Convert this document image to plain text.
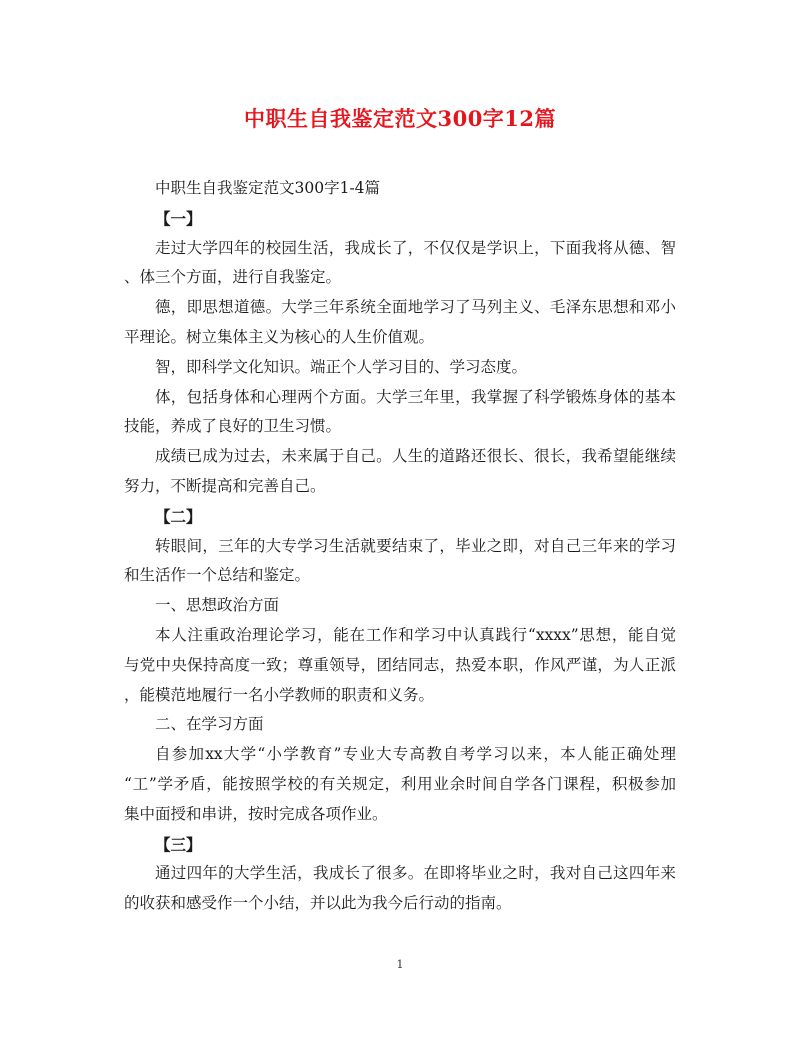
中职生自我鉴定范文300字12篇
中职生自我鉴定范文300字1-4篇
【一】
走过大学四年的校园生活，我成长了，不仅仅是学识上，下面我将从德、智
、体三个方面，进行自我鉴定。
德，即思想道德。大学三年系统全面地学习了马列主义、毛泽东思想和邓小
平理论。树立集体主义为核心的人生价值观。
智，即科学文化知识。端正个人学习目的、学习态度。
体，包括身体和心理两个方面。大学三年里，我掌握了科学锻炼身体的基本
技能，养成了良好的卫生习惯。
成绩已成为过去，未来属于自己。人生的道路还很长、很长，我希望能继续
努力，不断提高和完善自己。
【二】
转眼间，三年的大专学习生活就要结束了，毕业之即，对自己三年来的学习
和生活作一个总结和鉴定。
一、思想政治方面
本人注重政治理论学习，能在工作和学习中认真践行“xxxx”思想，能自觉
与党中央保持高度一致；尊重领导，团结同志，热爱本职，作风严谨，为人正派
，能模范地履行一名小学教师的职责和义务。
二、在学习方面
自参加xx大学“小学教育”专业大专高教自考学习以来，本人能正确处理
“工”学矛盾，能按照学校的有关规定，利用业余时间自学各门课程，积极参加
集中面授和串讲，按时完成各项作业。
【三】
通过四年的大学生活，我成长了很多。在即将毕业之时，我对自己这四年来
的收获和感受作一个小结，并以此为我今后行动的指南。
1
